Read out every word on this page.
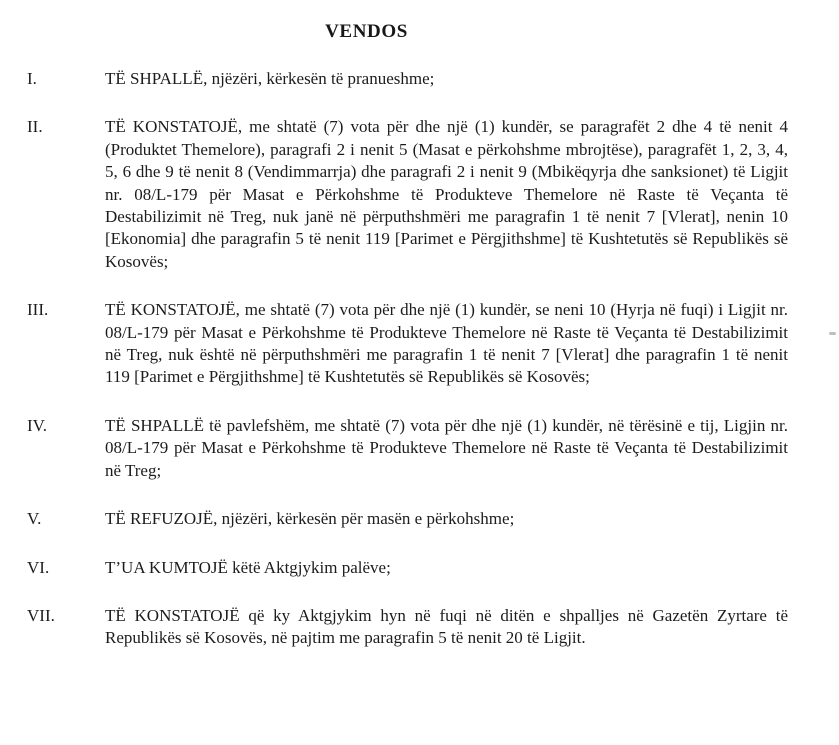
VENDOS
I.	TË SHPALLË, njëzëri, kërkesën të pranueshme;

II.	TË KONSTATOJË, me shtatë (7) vota për dhe një (1) kundër, se paragrafët 2 dhe 4 të nenit 4 (Produktet Themelore), paragrafi 2 i nenit 5 (Masat e përkohshme mbrojtëse), paragrafët 1, 2, 3, 4, 5, 6 dhe 9 të nenit 8 (Vendimmarrja) dhe paragrafi 2 i nenit 9 (Mbikëqyrja dhe sanksionet) të Ligjit nr. 08/L-179 për Masat e Përkohshme të Produkteve Themelore në Raste të Veçanta të Destabilizimit në Treg, nuk janë në përputhshmëri me paragrafin 1 të nenit 7 [Vlerat], nenin 10 [Ekonomia] dhe paragrafin 5 të nenit 119 [Parimet e Përgjithshme] të Kushtetutës së Republikës së Kosovës;

III.	TË KONSTATOJË, me shtatë (7) vota për dhe një (1) kundër, se neni 10 (Hyrja në fuqi) i Ligjit nr. 08/L-179 për Masat e Përkohshme të Produkteve Themelore në Raste të Veçanta të Destabilizimit në Treg, nuk është në përputhshmëri me paragrafin 1 të nenit 7 [Vlerat] dhe paragrafin 1 të nenit 119 [Parimet e Përgjithshme] të Kushtetutës së Republikës së Kosovës;

IV.	TË SHPALLË të pavlefshëm, me shtatë (7) vota për dhe një (1) kundër, në tërësinë e tij, Ligjin nr. 08/L-179 për Masat e Përkohshme të Produkteve Themelore në Raste të Veçanta të Destabilizimit në Treg;

V.	TË REFUZOJË, njëzëri, kërkesën për masën e përkohshme;

VI.	T’UA KUMTOJË këtë Aktgjykim palëve;

VII.	TË KONSTATOJË që ky Aktgjykim hyn në fuqi në ditën e shpalljes në Gazetën Zyrtare të Republikës së Kosovës, në pajtim me paragrafin 5 të nenit 20 të Ligjit.
